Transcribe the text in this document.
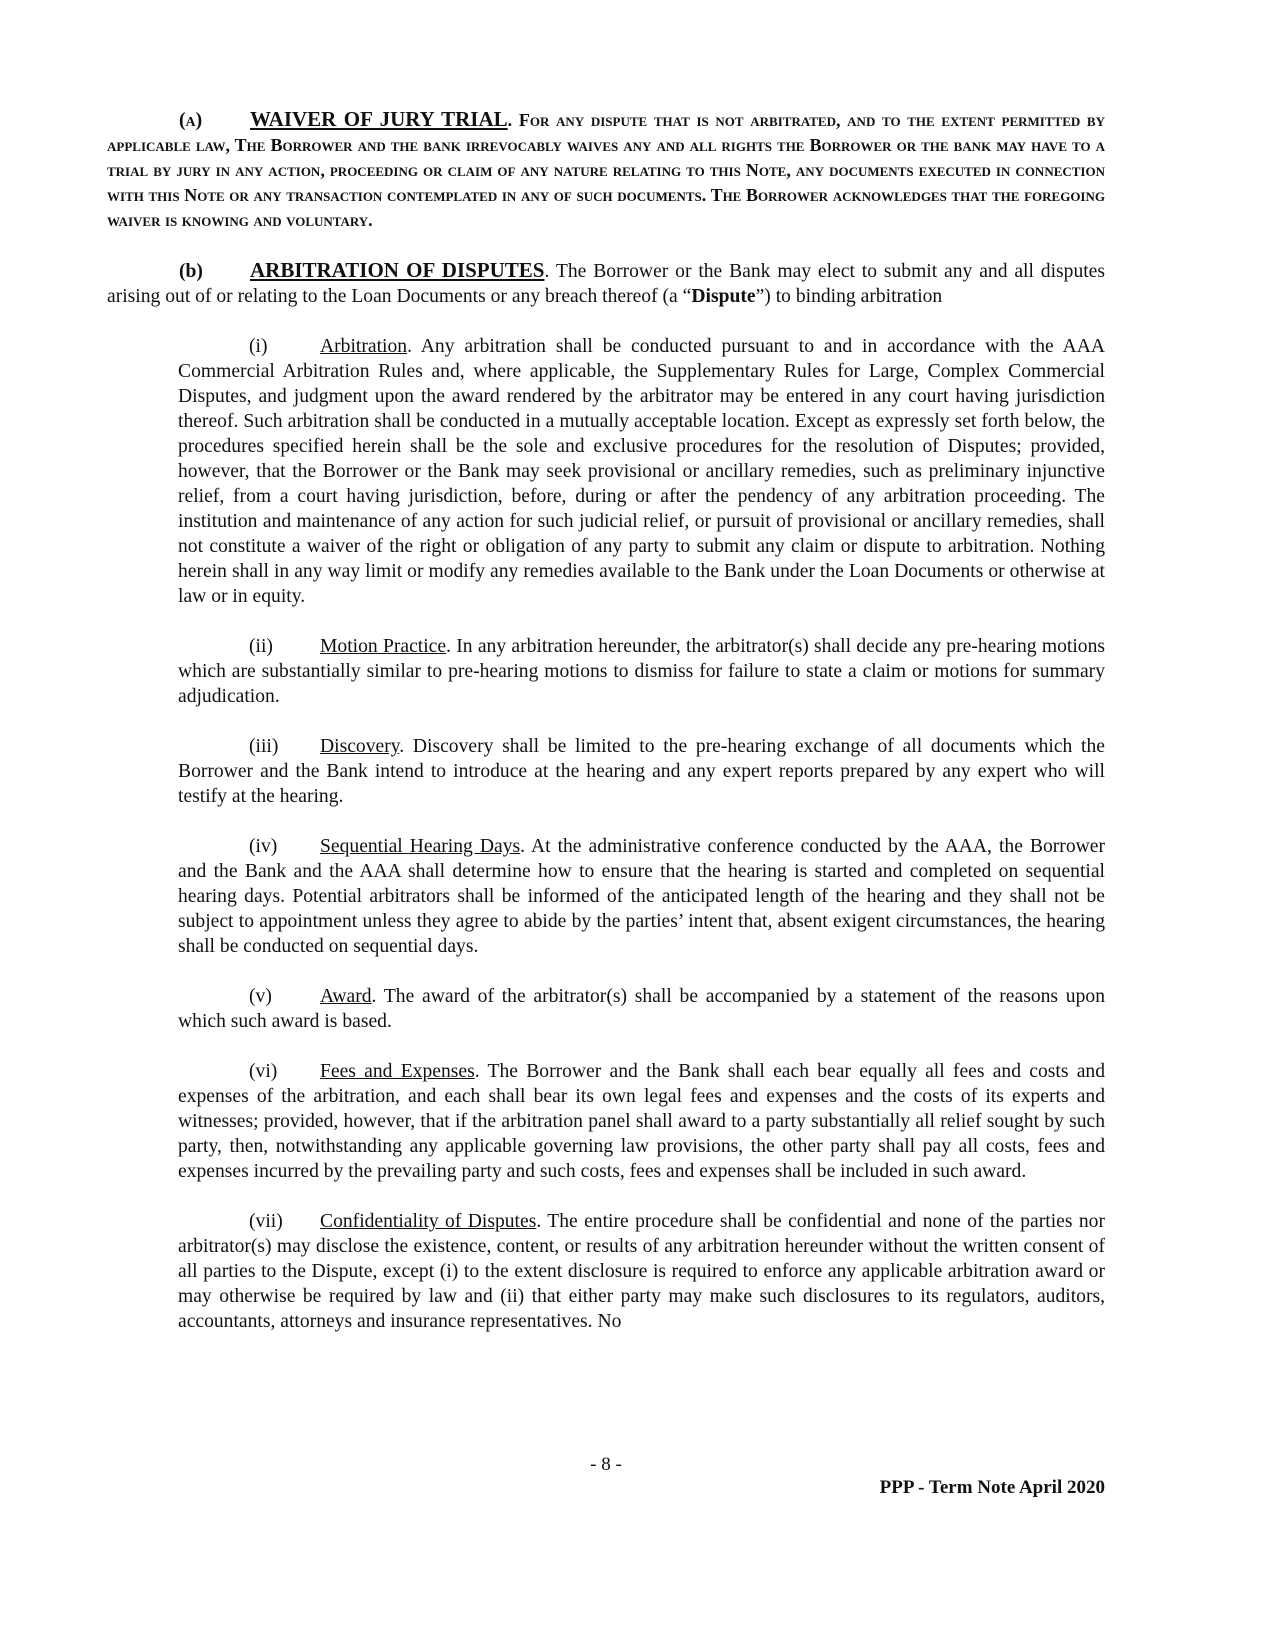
(a) WAIVER OF JURY TRIAL. For any dispute that is not arbitrated, and to the extent permitted by applicable law, The Borrower and the bank irrevocably waives any and all rights the Borrower or the bank may have to a trial by jury in any action, proceeding or claim of any nature relating to this Note, any documents executed in connection with this Note or any transaction contemplated in any of such documents. The Borrower acknowledges that the foregoing waiver is knowing and voluntary.

(b) ARBITRATION OF DISPUTES. The Borrower or the Bank may elect to submit any and all disputes arising out of or relating to the Loan Documents or any breach thereof (a “Dispute”) to binding arbitration

(i)	Arbitration. Any arbitration shall be conducted pursuant to and in accordance with the AAA Commercial Arbitration Rules and, where applicable, the Supplementary Rules for Large, Complex Commercial Disputes, and judgment upon the award rendered by the arbitrator may be entered in any court having jurisdiction thereof. Such arbitration shall be conducted in a mutually acceptable location. Except as expressly set forth below, the procedures specified herein shall be the sole and exclusive procedures for the resolution of Disputes; provided, however, that the Borrower or the Bank may seek provisional or ancillary remedies, such as preliminary injunctive relief, from a court having jurisdiction, before, during or after the pendency of any arbitration proceeding. The institution and maintenance of any action for such judicial relief, or pursuit of provisional or ancillary remedies, shall not constitute a waiver of the right or obligation of any party to submit any claim or dispute to arbitration. Nothing herein shall in any way limit or modify any remedies available to the Bank under the Loan Documents or otherwise at law or in equity.

(ii) Motion Practice. In any arbitration hereunder, the arbitrator(s) shall decide any pre-hearing motions which are substantially similar to pre-hearing motions to dismiss for failure to state a claim or motions for summary adjudication.

(iii) Discovery. Discovery shall be limited to the pre-hearing exchange of all documents which the Borrower and the Bank intend to introduce at the hearing and any expert reports prepared by any expert who will testify at the hearing.

(iv) Sequential Hearing Days. At the administrative conference conducted by the AAA, the Borrower and the Bank and the AAA shall determine how to ensure that the hearing is started and completed on sequential hearing days. Potential arbitrators shall be informed of the anticipated length of the hearing and they shall not be subject to appointment unless they agree to abide by the parties’ intent that, absent exigent circumstances, the hearing shall be conducted on sequential days.

(v) Award. The award of the arbitrator(s) shall be accompanied by a statement of the reasons upon which such award is based.

(vi) Fees and Expenses. The Borrower and the Bank shall each bear equally all fees and costs and expenses of the arbitration, and each shall bear its own legal fees and expenses and the costs of its experts and witnesses; provided, however, that if the arbitration panel shall award to a party substantially all relief sought by such party, then, notwithstanding any applicable governing law provisions, the other party shall pay all costs, fees and expenses incurred by the prevailing party and such costs, fees and expenses shall be included in such award.

(vii) Confidentiality of Disputes. The entire procedure shall be confidential and none of the parties nor arbitrator(s) may disclose the existence, content, or results of any arbitration hereunder without the written consent of all parties to the Dispute, except (i) to the extent disclosure is required to enforce any applicable arbitration award or may otherwise be required by law and (ii) that either party may make such disclosures to its regulators, auditors, accountants, attorneys and insurance representatives. No

- 8 -
PPP - Term Note April 2020
